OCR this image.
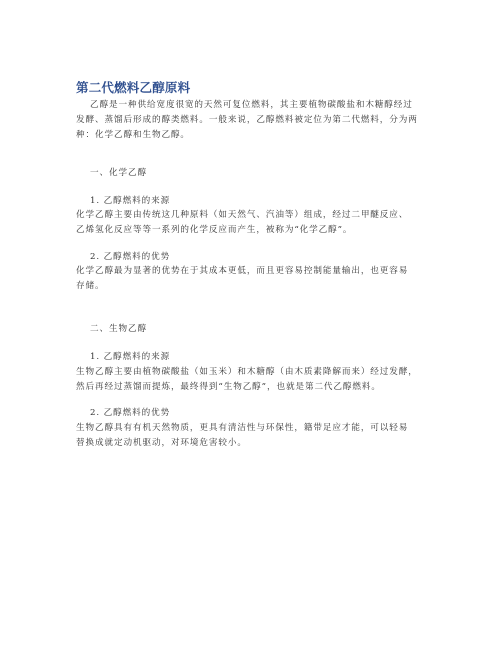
第二代燃料乙醇原料
乙醇是一种供给宽度很宽的天然可复位燃料，其主要植物碳酸盐和木糖醇经过
发酵、蒸馏后形成的醇类燃料。一般来说，乙醇燃料被定位为第二代燃料，分为两
种：化学乙醇和生物乙醇。
一、化学乙醇
1. 乙醇燃料的来源
化学乙醇主要由传统这几种原料（如天然气、汽油等）组成，经过二甲醚反应、
乙烯氢化反应等等一系列的化学反应而产生，被称为“化学乙醇”。
2. 乙醇燃料的优势
化学乙醇最为显著的优势在于其成本更低，而且更容易控制能量输出，也更容易
存储。
二、生物乙醇
1. 乙醇燃料的来源
生物乙醇主要由植物碳酸盐（如玉米）和木糖醇（由木质素降解而来）经过发酵，
然后再经过蒸馏而提炼，最终得到“生物乙醇”，也就是第二代乙醇燃料。
2. 乙醇燃料的优势
生物乙醇具有有机天然物质，更具有清洁性与环保性，籍带足应才能，可以轻易
替换成就定动机驱动，对环境危害较小。
